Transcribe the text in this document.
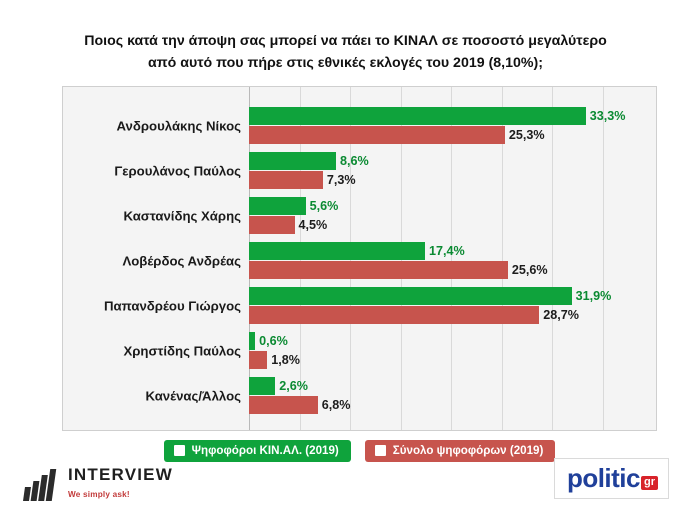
Ποιος κατά την άποψη σας μπορεί να πάει το ΚΙΝΑΛ σε ποσοστό μεγαλύτερο
από αυτό που πήρε στις εθνικές εκλογές του 2019 (8,10%);
Ανδρουλάκης Νίκος
33,3%
25,3%
Γερουλάνος Παύλος
8,6%
7,3%
Καστανίδης Χάρης
5,6%
4,5%
Λοβέρδος Ανδρέας
17,4%
25,6%
Παπανδρέου Γιώργος
31,9%
28,7%
Χρηστίδης Παύλος
0,6%
1,8%
Κανένας/Άλλος
2,6%
6,8%
Ψηφοφόροι ΚΙΝ.ΑΛ. (2019)	Σύνολο ψηφοφόρων (2019)
INTERVIEW
We simply ask!
politic gr
